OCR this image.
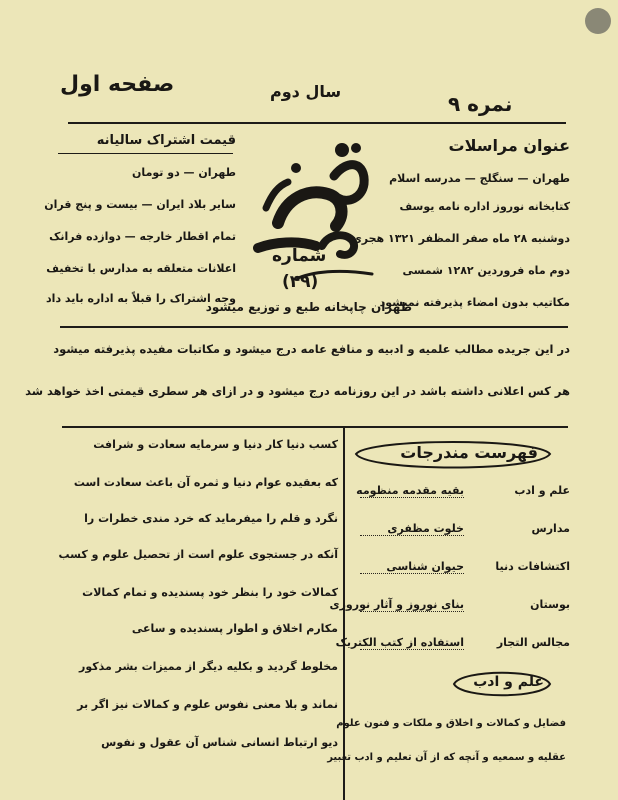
صفحه اول	سال دوم
نمره ۹
قیمت اشتراک سالیانه
طهران — دو تومان
سایر بلاد ایران — بیست و پنج قران
تمام اقطار خارجه — دوازده فرانک
اعلانات متعلقه به مدارس با تخفیف
وجه اشتراک را قبلاً به اداره باید داد
شماره
(۴۹)
طهران چاپخانه طبع و توزیع میشود
عنوان مراسلات
طهران — سنگلج — مدرسه اسلام
کتابخانه نوروز اداره نامه یوسف
دوشنبه ۲۸ ماه صفر المظفر ۱۳۲۱ هجری
دوم ماه فروردین ۱۲۸۲ شمسی
مکاتیب بدون امضاء پذیرفته نمیشود
در این جریده مطالب علمیه و ادبیه و منافع عامه درج میشود و مکاتبات مفیده پذیرفته میشود
هر کس اعلانی داشته باشد در این روزنامه درج میشود و در ازای هر سطری قیمتی اخذ خواهد شد
فهرست مندرجات
علم و ادب
بقیه مقدمه منظومه
مدارس
خلوت مظفری
اکتشافات دنیا
حیوان شناسی
بوستان
بنای نوروز و آثار نوروزی
مجالس التجار
استفاده از کتب الکتریک
علم و ادب
فضایل و کمالات و اخلاق و ملکات و فنون علوم
عقلیه و سمعیه و آنچه که از آن تعلیم و ادب تعبیر
کسب دنیا کار دنیا و سرمایه سعادت و شرافت
که بعقیده عوام دنیا و ثمره آن باعث سعادت است
نگرد و قلم را میفرماید که خرد مندی خطرات را
آنکه در جستجوی علوم است از تحصیل علوم و کسب
کمالات خود را بنظر خود پسندیده و تمام کمالات
مکارم اخلاق و اطوار پسندیده و ساعی
مخلوط گردید و بکلیه دیگر از ممیزات بشر مذکور
نماند و بلا معنی نفوس علوم و کمالات نیز اگر بر
دیو ارتباط انسانی شناس آن عقول و نفوس
